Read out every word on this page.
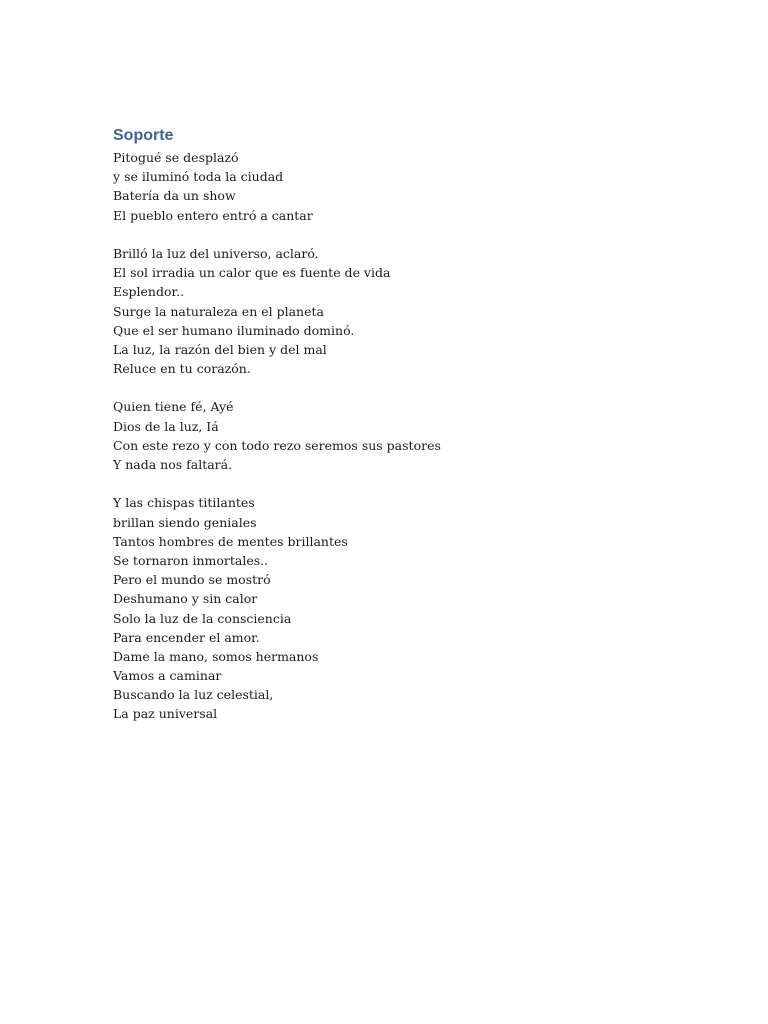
Soporte

Pitogué se desplazó

y se iluminó toda la ciudad

Batería da un show

El pueblo entero entró a cantar

Brilló la luz del universo, aclaró.

El sol irradia un calor que es fuente de vida

Esplendor..

Surge la naturaleza en el planeta

Que el ser humano iluminado dominó.

La luz, la razón del bien y del mal

Reluce en tu corazón.

Quien tiene fé, Ayé

Dios de la luz, Iá

Con este rezo y con todo rezo seremos sus pastores

Y nada nos faltará.

Y las chispas titilantes

brillan siendo geniales

Tantos hombres de mentes brillantes

Se tornaron inmortales..

Pero el mundo se mostró

Deshumano y sin calor

Solo la luz de la consciencia

Para encender el amor.

Dame la mano, somos hermanos

Vamos a caminar

Buscando la luz celestial,

La paz universal
